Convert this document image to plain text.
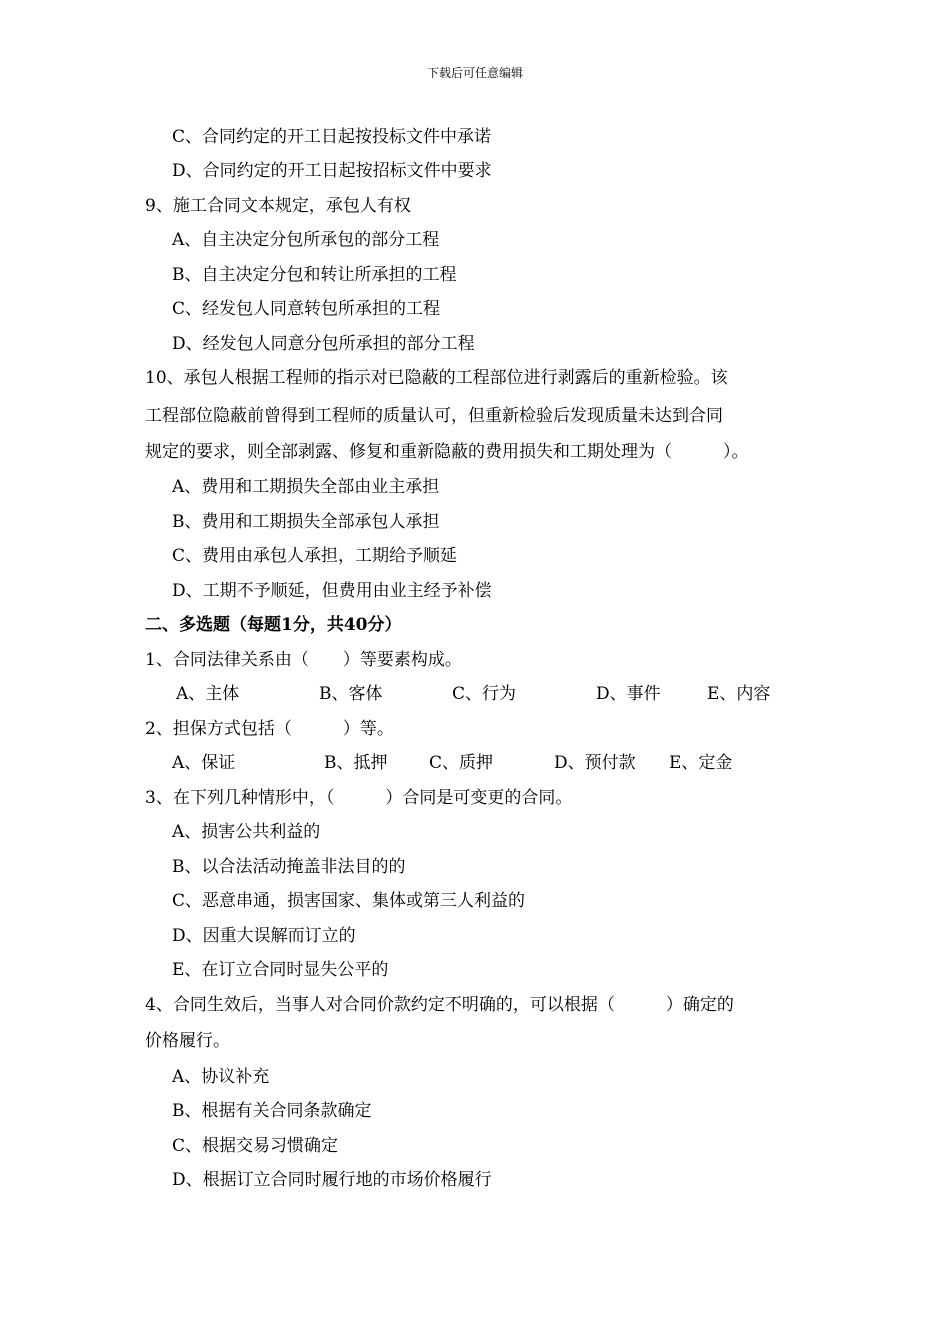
下载后可任意编辑
C、合同约定的开工日起按投标文件中承诺
D、合同约定的开工日起按招标文件中要求
9、施工合同文本规定，承包人有权
A、自主决定分包所承包的部分工程
B、自主决定分包和转让所承担的工程
C、经发包人同意转包所承担的工程
D、经发包人同意分包所承担的部分工程
10、承包人根据工程师的指示对已隐蔽的工程部位进行剥露后的重新检验。该
工程部位隐蔽前曾得到工程师的质量认可，但重新检验后发现质量未达到合同
规定的要求，则全部剥露、修复和重新隐蔽的费用损失和工期处理为（　　　）。
A、费用和工期损失全部由业主承担
B、费用和工期损失全部承包人承担
C、费用由承包人承担，工期给予顺延
D、工期不予顺延，但费用由业主经予补偿
二、多选题（每题1分，共40分）
1、合同法律关系由（　　）等要素构成。
A、主体	B、客体	C、行为	D、事件	E、内容
2、担保方式包括（　　　）等。
A、保证	B、抵押 C、质押	D、预付款 E、定金
3、在下列几种情形中，（　　　）合同是可变更的合同。
A、损害公共利益的
B、以合法活动掩盖非法目的的
C、恶意串通，损害国家、集体或第三人利益的
D、因重大误解而订立的
E、在订立合同时显失公平的
4、合同生效后，当事人对合同价款约定不明确的，可以根据（　　　）确定的
价格履行。
A、协议补充
B、根据有关合同条款确定
C、根据交易习惯确定
D、根据订立合同时履行地的市场价格履行
